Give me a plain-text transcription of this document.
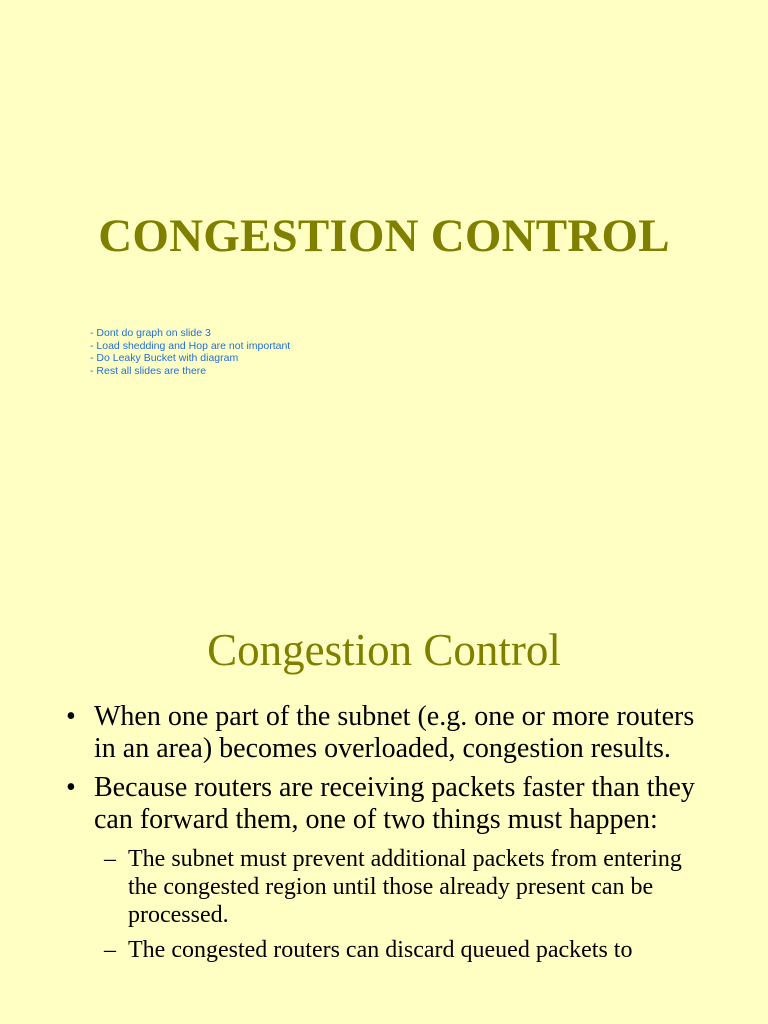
CONGESTION CONTROL
- Dont do graph on slide 3
- Load shedding and Hop are not important
- Do Leaky Bucket with diagram
- Rest all slides are there
Congestion Control
• When one part of the subnet (e.g. one or more routers in an area) becomes overloaded, congestion results.
• Because routers are receiving packets faster than they can forward them, one of two things must happen:
– The subnet must prevent additional packets from entering the congested region until those already present can be processed.
– The congested routers can discard queued packets to
